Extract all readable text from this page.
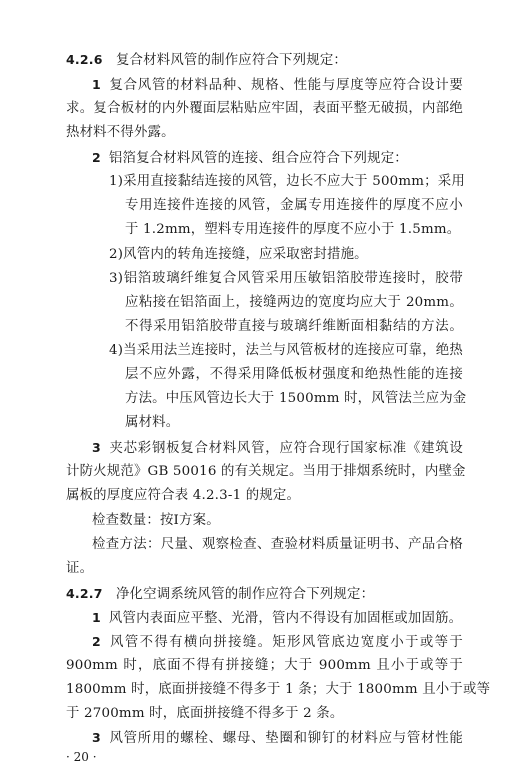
4.2.6 复合材料风管的制作应符合下列规定：
1 复合风管的材料品种、规格、性能与厚度等应符合设计要
求。复合板材的内外覆面层粘贴应牢固，表面平整无破损，内部绝
热材料不得外露。
2 铝箔复合材料风管的连接、组合应符合下列规定：
1)采用直接黏结连接的风管，边长不应大于 500mm；采用
专用连接件连接的风管，金属专用连接件的厚度不应小
于 1.2mm，塑料专用连接件的厚度不应小于 1.5mm。
2)风管内的转角连接缝，应采取密封措施。
3)铝箔玻璃纤维复合风管采用压敏铝箔胶带连接时，胶带
应粘接在铝箔面上，接缝两边的宽度均应大于 20mm。
不得采用铝箔胶带直接与玻璃纤维断面相黏结的方法。
4)当采用法兰连接时，法兰与风管板材的连接应可靠，绝热
层不应外露，不得采用降低板材强度和绝热性能的连接
方法。中压风管边长大于 1500mm 时，风管法兰应为金
属材料。
3 夹芯彩钢板复合材料风管，应符合现行国家标准《建筑设
计防火规范》GB 50016 的有关规定。当用于排烟系统时，内壁金
属板的厚度应符合表 4.2.3-1 的规定。
检查数量：按Ⅰ方案。
检查方法：尺量、观察检查、查验材料质量证明书、产品合格
证。
4.2.7 净化空调系统风管的制作应符合下列规定：
1 风管内表面应平整、光滑，管内不得设有加固框或加固筋。
2 风管不得有横向拼接缝。矩形风管底边宽度小于或等于
900mm 时，底面不得有拼接缝；大于 900mm 且小于或等于
1800mm 时，底面拼接缝不得多于 1 条；大于 1800mm 且小于或等
于 2700mm 时，底面拼接缝不得多于 2 条。
3 风管所用的螺栓、螺母、垫圈和铆钉的材料应与管材性能
· 20 ·
